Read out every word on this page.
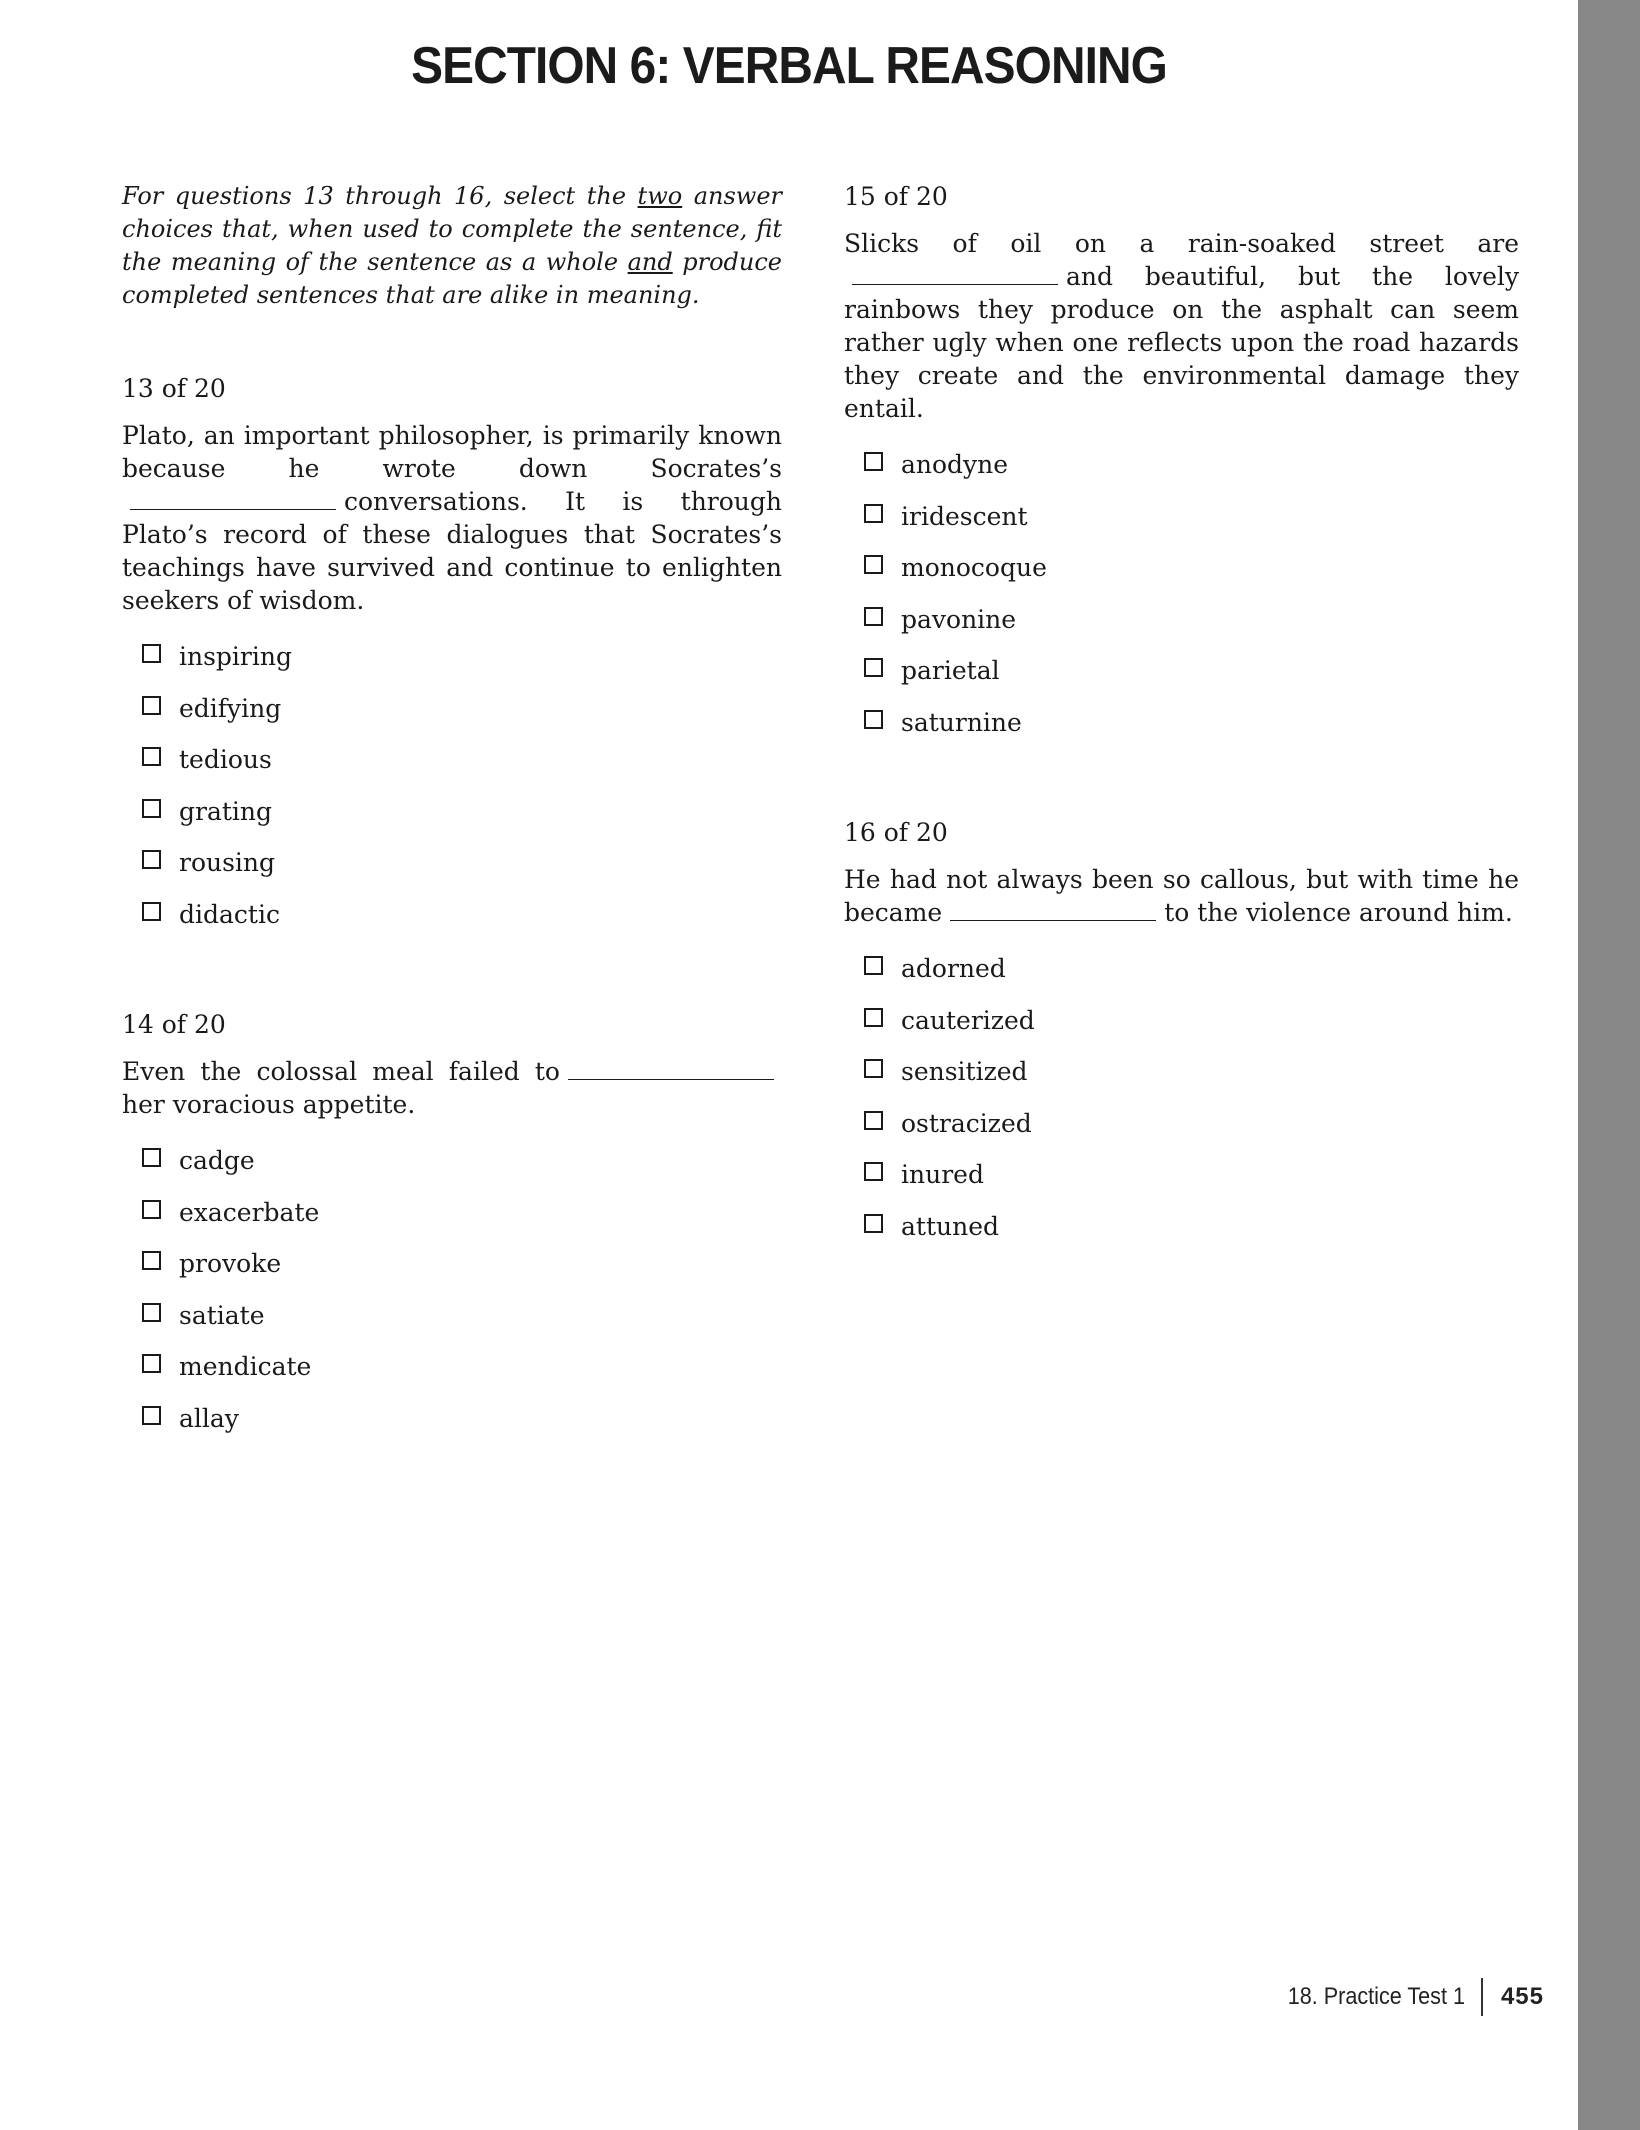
SECTION 6: VERBAL REASONING

For questions 13 through 16, select the two answer choices that, when used to complete the sentence, fit the meaning of the sentence as a whole and produce completed sentences that are alike in meaning.

13 of 20

Plato, an important philosopher, is primarily known because he wrote down Socrates’sconversations. It is through Plato’s record of these dialogues that Socrates’s teachings have survived and continue to enlighten seekers of wisdom.

inspiring
edifying
tedious
grating
rousing
didactic

14 of 20

Even the colossal meal failed toher voracious appetite.

cadge
exacerbate
provoke
satiate
mendicate
allay

15 of 20

Slicks of oil on a rain-soaked street areand beautiful, but the lovely rainbows they produce on the asphalt can seem rather ugly when one reflects upon the road hazards they create and the environmental damage they entail.

anodyne
iridescent
monocoque
pavonine
parietal
saturnine

16 of 20

He had not always been so callous, but with time he became	to the violence around him.

adorned
cauterized
sensitized
ostracized
inured
attuned
18. Practice Test 1 455
